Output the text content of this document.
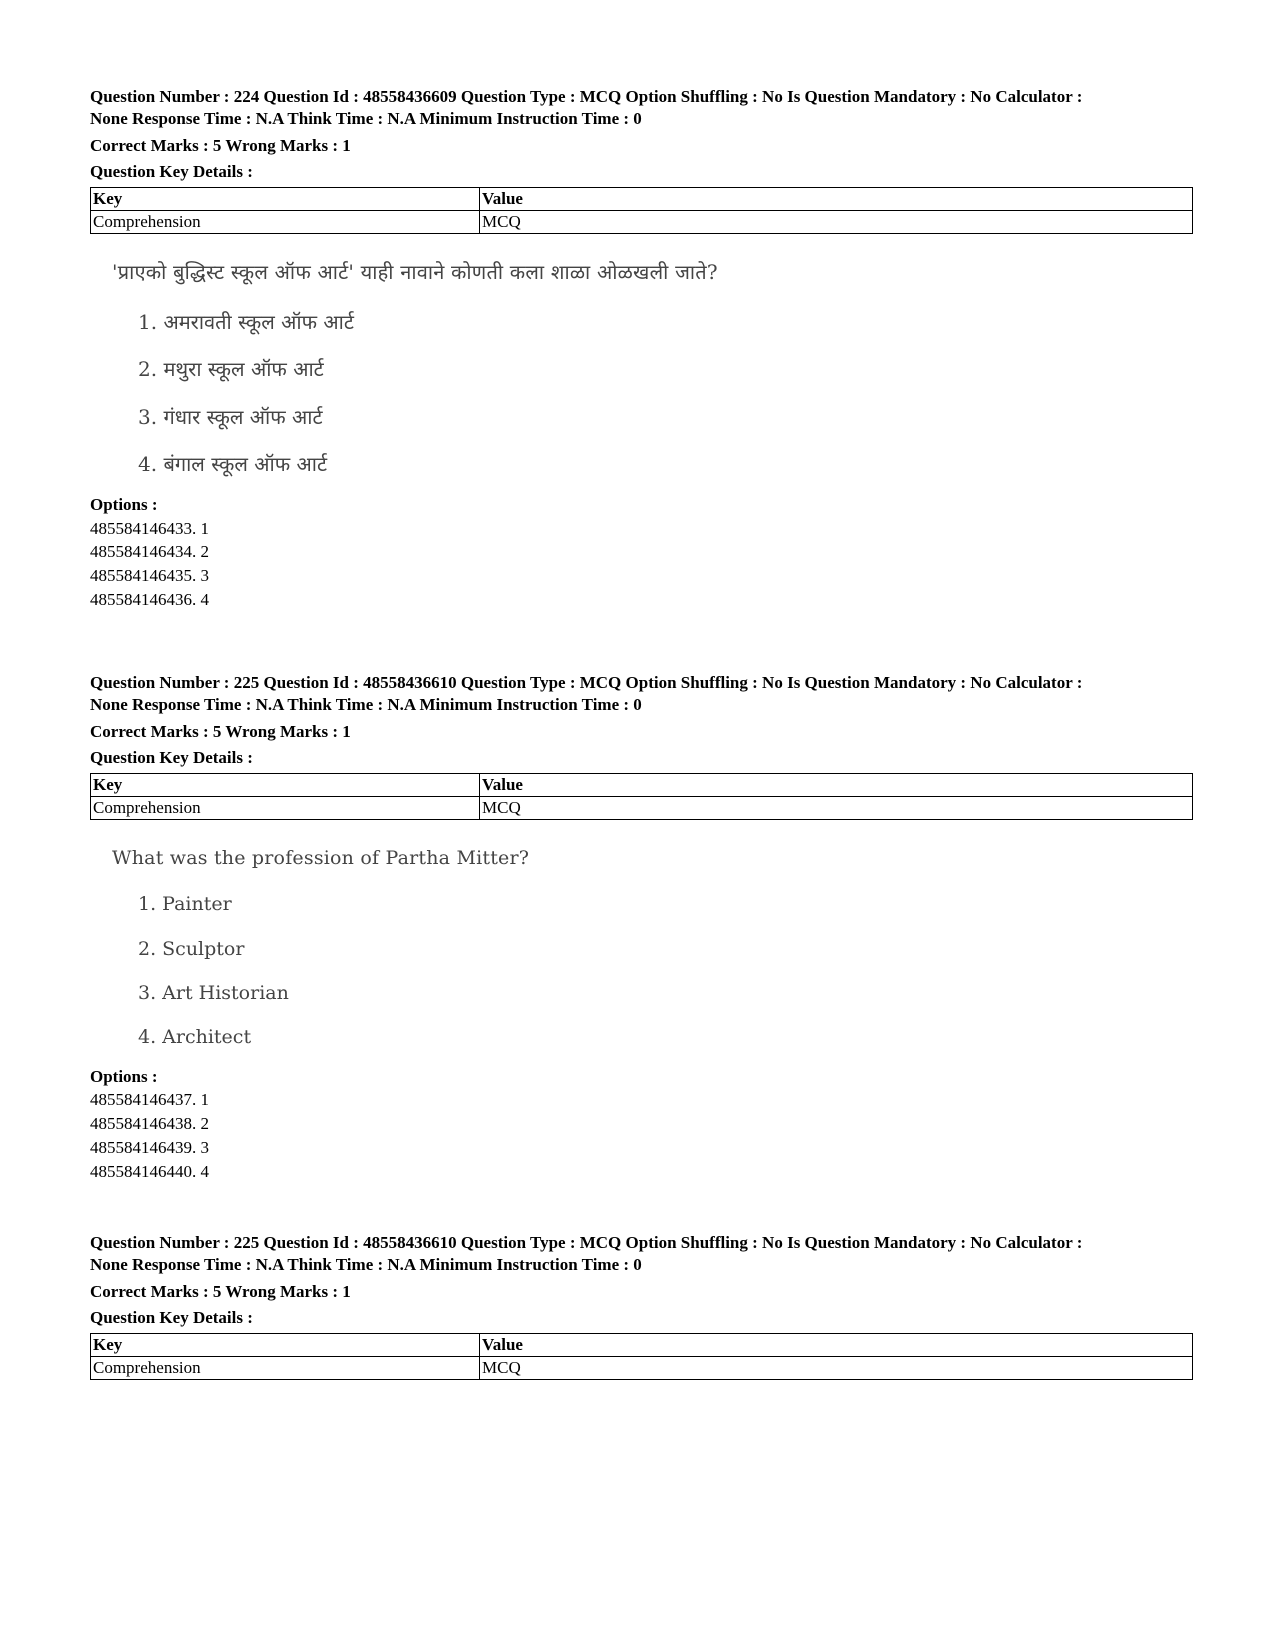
Question Number : 224 Question Id : 48558436609 Question Type : MCQ Option Shuffling : No Is Question Mandatory : No Calculator :
None Response Time : N.A Think Time : N.A Minimum Instruction Time : 0
Correct Marks : 5 Wrong Marks : 1
Question Key Details :
Key	Value
Comprehension	MCQ
'प्राएको बुद्धिस्ट स्कूल ऑफ आर्ट' याही नावाने कोणती कला शाळा ओळखली जाते?
1. अमरावती स्कूल ऑफ आर्ट
2. मथुरा स्कूल ऑफ आर्ट
3. गंधार स्कूल ऑफ आर्ट
4. बंगाल स्कूल ऑफ आर्ट
Options :
485584146433. 1
485584146434. 2
485584146435. 3
485584146436. 4
Question Number : 225 Question Id : 48558436610 Question Type : MCQ Option Shuffling : No Is Question Mandatory : No Calculator :
None Response Time : N.A Think Time : N.A Minimum Instruction Time : 0
Correct Marks : 5 Wrong Marks : 1
Question Key Details :
Key	Value
Comprehension	MCQ
What was the profession of Partha Mitter?
1. Painter
2. Sculptor
3. Art Historian
4. Architect
Options :
485584146437. 1
485584146438. 2
485584146439. 3
485584146440. 4
Question Number : 225 Question Id : 48558436610 Question Type : MCQ Option Shuffling : No Is Question Mandatory : No Calculator :
None Response Time : N.A Think Time : N.A Minimum Instruction Time : 0
Correct Marks : 5 Wrong Marks : 1
Question Key Details :
Key	Value
Comprehension	MCQ
